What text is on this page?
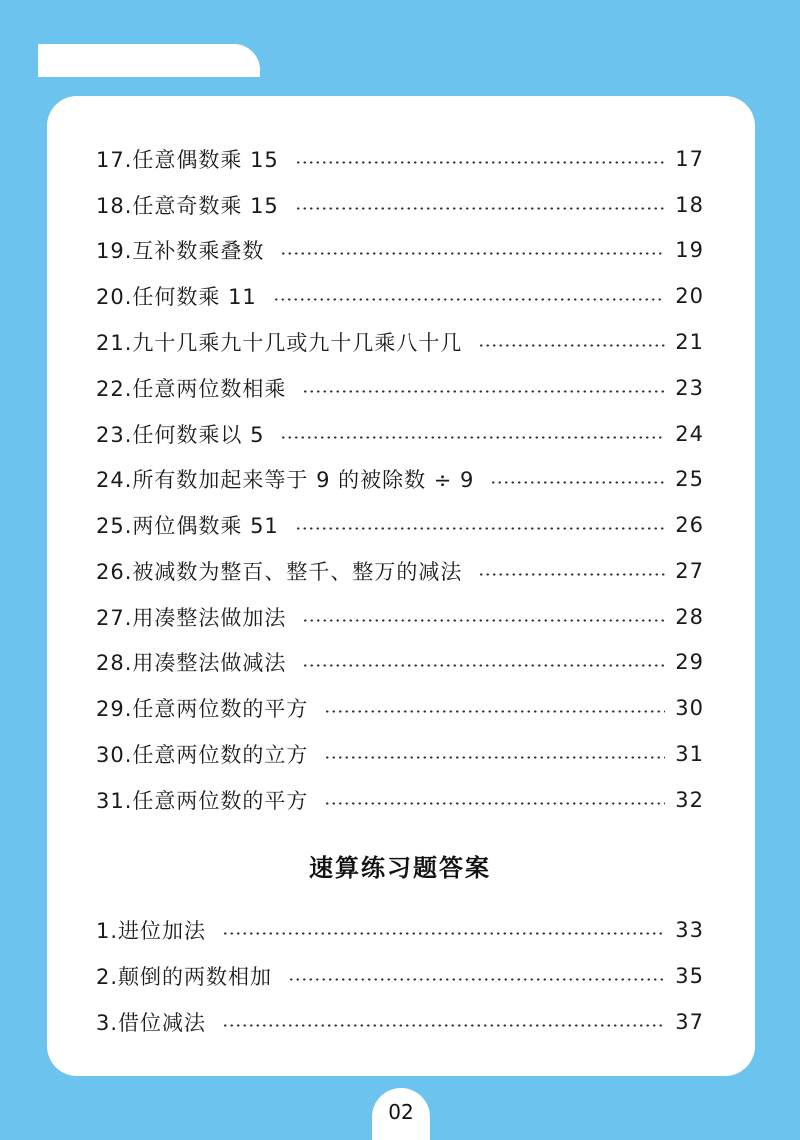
17.任意偶数乘 15	17
18.任意奇数乘 15	18
19.互补数乘叠数	19
20.任何数乘 11	20
21.九十几乘九十几或九十几乘八十几	21
22.任意两位数相乘	23
23.任何数乘以 5	24
24.所有数加起来等于 9 的被除数 ÷ 9	25
25.两位偶数乘 51	26
26.被减数为整百、整千、整万的减法	27
27.用凑整法做加法	28
28.用凑整法做减法	29
29.任意两位数的平方	30
30.任意两位数的立方	31
31.任意两位数的平方	32
速算练习题答案
1.进位加法	33
2.颠倒的两数相加	35
3.借位减法	37
02
